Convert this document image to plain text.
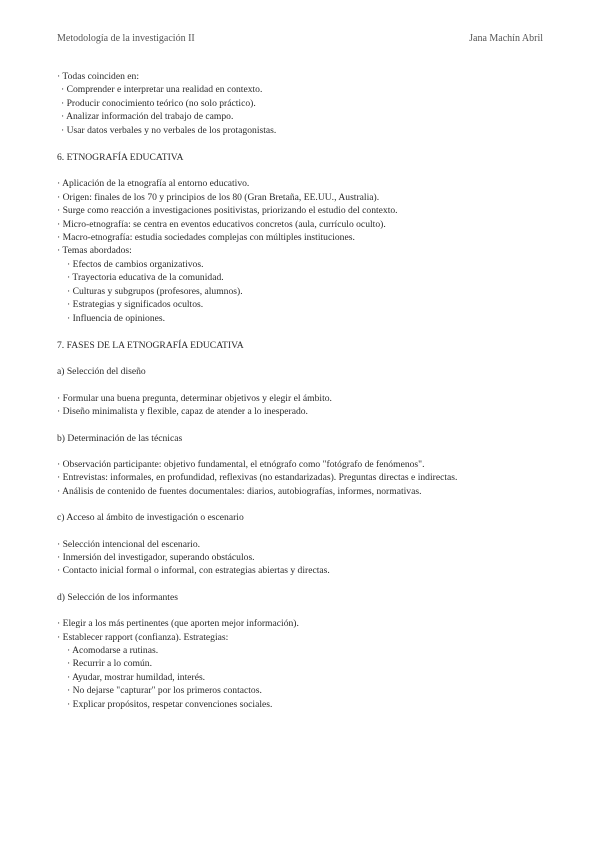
Metodología de la investigación II	Jana Machín Abril
· Todas coinciden en:
· Comprender e interpretar una realidad en contexto.
· Producir conocimiento teórico (no solo práctico).
· Analizar información del trabajo de campo.
· Usar datos verbales y no verbales de los protagonistas.
6. ETNOGRAFÍA EDUCATIVA
· Aplicación de la etnografía al entorno educativo.
· Origen: finales de los 70 y principios de los 80 (Gran Bretaña, EE.UU., Australia).
· Surge como reacción a investigaciones positivistas, priorizando el estudio del contexto.
· Micro-etnografía: se centra en eventos educativos concretos (aula, currículo oculto).
· Macro-etnografía: estudia sociedades complejas con múltiples instituciones.
· Temas abordados:
· Efectos de cambios organizativos.
· Trayectoria educativa de la comunidad.
· Culturas y subgrupos (profesores, alumnos).
· Estrategias y significados ocultos.
· Influencia de opiniones.
7. FASES DE LA ETNOGRAFÍA EDUCATIVA
a) Selección del diseño
· Formular una buena pregunta, determinar objetivos y elegir el ámbito.
· Diseño minimalista y flexible, capaz de atender a lo inesperado.
b) Determinación de las técnicas
· Observación participante: objetivo fundamental, el etnógrafo como "fotógrafo de fenómenos".
· Entrevistas: informales, en profundidad, reflexivas (no estandarizadas). Preguntas directas e indirectas.
· Análisis de contenido de fuentes documentales: diarios, autobiografías, informes, normativas.
c) Acceso al ámbito de investigación o escenario
· Selección intencional del escenario.
· Inmersión del investigador, superando obstáculos.
· Contacto inicial formal o informal, con estrategias abiertas y directas.
d) Selección de los informantes
· Elegir a los más pertinentes (que aporten mejor información).
· Establecer rapport (confianza). Estrategias:
· Acomodarse a rutinas.
· Recurrir a lo común.
· Ayudar, mostrar humildad, interés.
· No dejarse "capturar" por los primeros contactos.
· Explicar propósitos, respetar convenciones sociales.
